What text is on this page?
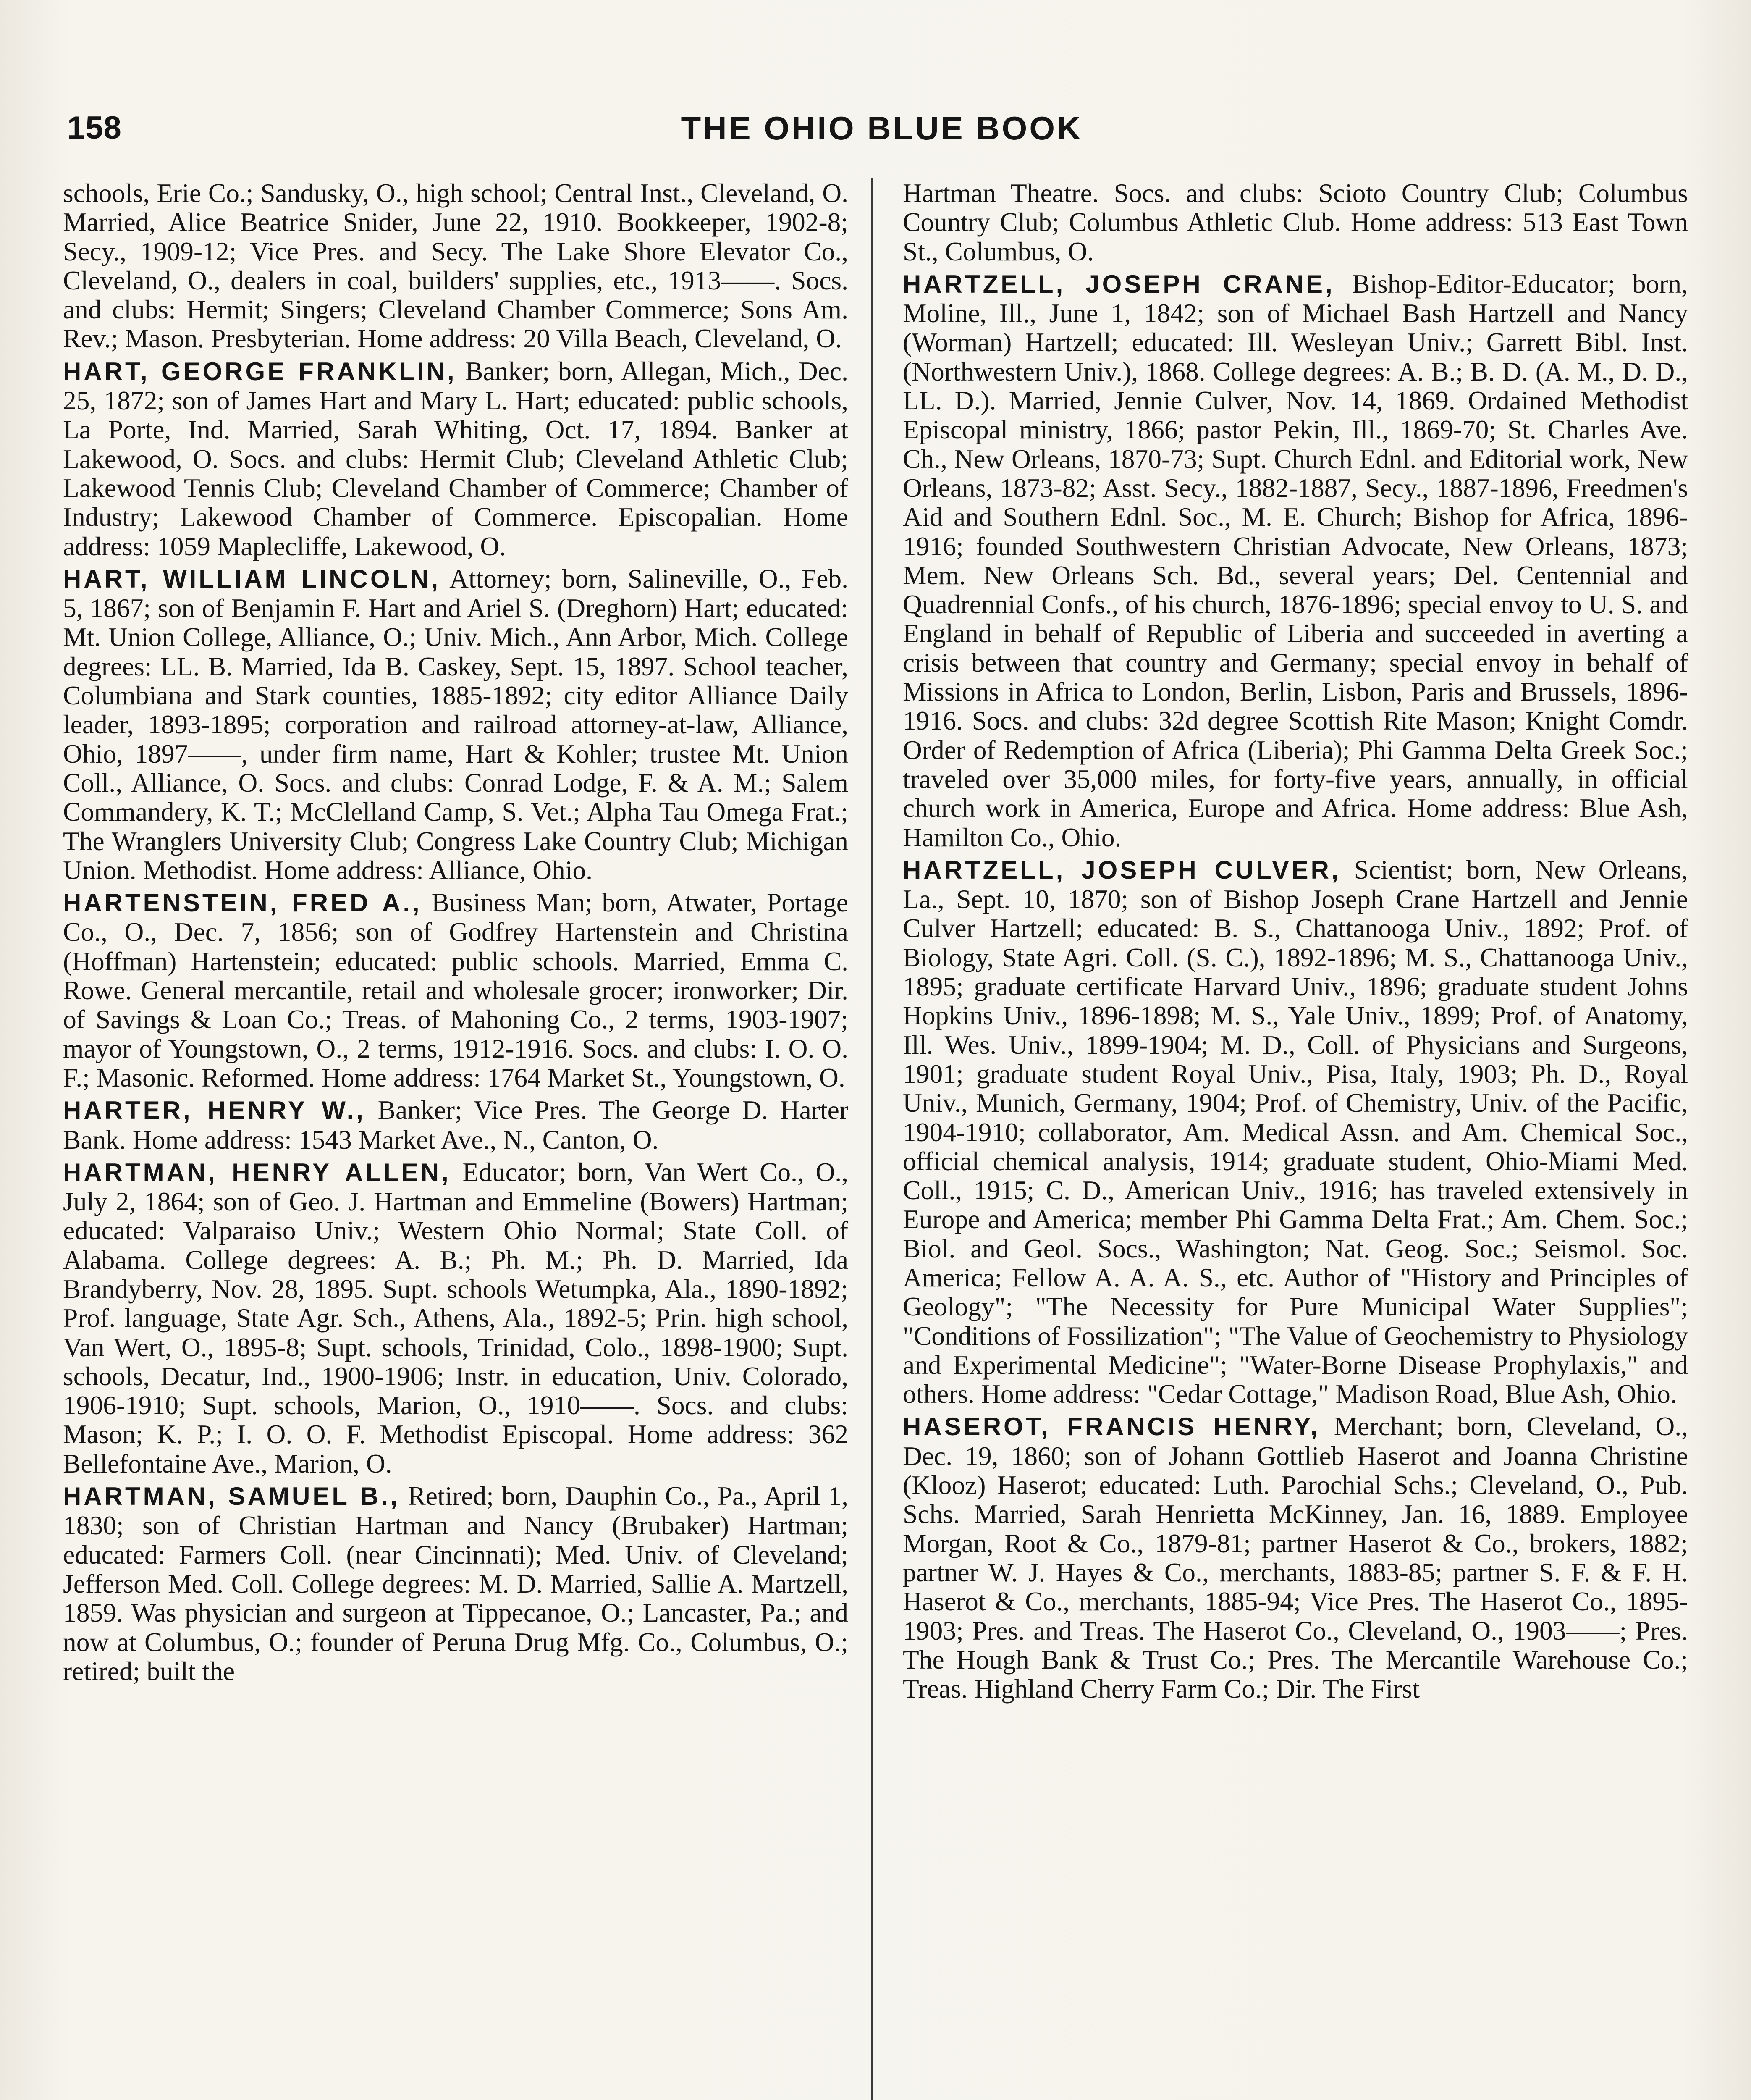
158	THE OHIO BLUE BOOK

schools, Erie Co.; Sandusky, O., high school; Central Inst., Cleveland, O. Married, Alice Beatrice Snider, June 22, 1910. Bookkeeper, 1902-8; Secy., 1909-12; Vice Pres. and Secy. The Lake Shore Elevator Co., Cleveland, O., dealers in coal, builders' supplies, etc., 1913——. Socs. and clubs: Hermit; Singers; Cleveland Chamber Commerce; Sons Am. Rev.; Mason. Presbyterian. Home address: 20 Villa Beach, Cleveland, O.

HART, GEORGE FRANKLIN, Banker; born, Allegan, Mich., Dec. 25, 1872; son of James Hart and Mary L. Hart; educated: public schools, La Porte, Ind. Married, Sarah Whiting, Oct. 17, 1894. Banker at Lakewood, O. Socs. and clubs: Hermit Club; Cleveland Athletic Club; Lakewood Tennis Club; Cleveland Chamber of Commerce; Chamber of Industry; Lakewood Chamber of Commerce. Episcopalian. Home address: 1059 Maplecliffe, Lakewood, O.

HART, WILLIAM LINCOLN, Attorney; born, Salineville, O., Feb. 5, 1867; son of Benjamin F. Hart and Ariel S. (Dreghorn) Hart; educated: Mt. Union College, Alliance, O.; Univ. Mich., Ann Arbor, Mich. College degrees: LL. B. Married, Ida B. Caskey, Sept. 15, 1897. School teacher, Columbiana and Stark counties, 1885-1892; city editor Alliance Daily leader, 1893-1895; corporation and railroad attorney-at-law, Alliance, Ohio, 1897——, under firm name, Hart & Kohler; trustee Mt. Union Coll., Alliance, O. Socs. and clubs: Conrad Lodge, F. & A. M.; Salem Commandery, K. T.; McClelland Camp, S. Vet.; Alpha Tau Omega Frat.; The Wranglers University Club; Congress Lake Country Club; Michigan Union. Methodist. Home address: Alliance, Ohio.

HARTENSTEIN, FRED A., Business Man; born, Atwater, Portage Co., O., Dec. 7, 1856; son of Godfrey Hartenstein and Christina (Hoffman) Hartenstein; educated: public schools. Married, Emma C. Rowe. General mercantile, retail and wholesale grocer; ironworker; Dir. of Savings & Loan Co.; Treas. of Mahoning Co., 2 terms, 1903-1907; mayor of Youngstown, O., 2 terms, 1912-1916. Socs. and clubs: I. O. O. F.; Masonic. Reformed. Home address: 1764 Market St., Youngstown, O.

HARTER, HENRY W., Banker; Vice Pres. The George D. Harter Bank. Home address: 1543 Market Ave., N., Canton, O.

HARTMAN, HENRY ALLEN, Educator; born, Van Wert Co., O., July 2, 1864; son of Geo. J. Hartman and Emmeline (Bowers) Hartman; educated: Valparaiso Univ.; Western Ohio Normal; State Coll. of Alabama. College degrees: A. B.; Ph. M.; Ph. D. Married, Ida Brandyberry, Nov. 28, 1895. Supt. schools Wetumpka, Ala., 1890-1892; Prof. language, State Agr. Sch., Athens, Ala., 1892-5; Prin. high school, Van Wert, O., 1895-8; Supt. schools, Trinidad, Colo., 1898-1900; Supt. schools, Decatur, Ind., 1900-1906; Instr. in education, Univ. Colorado, 1906-1910; Supt. schools, Marion, O., 1910——. Socs. and clubs: Mason; K. P.; I. O. O. F. Methodist Episcopal. Home address: 362 Bellefontaine Ave., Marion, O.

HARTMAN, SAMUEL B., Retired; born, Dauphin Co., Pa., April 1, 1830; son of Christian Hartman and Nancy (Brubaker) Hartman; educated: Farmers Coll. (near Cincinnati); Med. Univ. of Cleveland; Jefferson Med. Coll. College degrees: M. D. Married, Sallie A. Martzell, 1859. Was physician and surgeon at Tippecanoe, O.; Lancaster, Pa.; and now at Columbus, O.; founder of Peruna Drug Mfg. Co., Columbus, O.; retired; built the

Hartman Theatre. Socs. and clubs: Scioto Country Club; Columbus Country Club; Columbus Athletic Club. Home address: 513 East Town St., Columbus, O.

HARTZELL, JOSEPH CRANE, Bishop-Editor-Educator; born, Moline, Ill., June 1, 1842; son of Michael Bash Hartzell and Nancy (Worman) Hartzell; educated: Ill. Wesleyan Univ.; Garrett Bibl. Inst. (Northwestern Univ.), 1868. College degrees: A. B.; B. D. (A. M., D. D., LL. D.). Married, Jennie Culver, Nov. 14, 1869. Ordained Methodist Episcopal ministry, 1866; pastor Pekin, Ill., 1869-70; St. Charles Ave. Ch., New Orleans, 1870-73; Supt. Church Ednl. and Editorial work, New Orleans, 1873-82; Asst. Secy., 1882-1887, Secy., 1887-1896, Freedmen's Aid and Southern Ednl. Soc., M. E. Church; Bishop for Africa, 1896-1916; founded Southwestern Christian Advocate, New Orleans, 1873; Mem. New Orleans Sch. Bd., several years; Del. Centennial and Quadrennial Confs., of his church, 1876-1896; special envoy to U. S. and England in behalf of Republic of Liberia and succeeded in averting a crisis between that country and Germany; special envoy in behalf of Missions in Africa to London, Berlin, Lisbon, Paris and Brussels, 1896-1916. Socs. and clubs: 32d degree Scottish Rite Mason; Knight Comdr. Order of Redemption of Africa (Liberia); Phi Gamma Delta Greek Soc.; traveled over 35,000 miles, for forty-five years, annually, in official church work in America, Europe and Africa. Home address: Blue Ash, Hamilton Co., Ohio.

HARTZELL, JOSEPH CULVER, Scientist; born, New Orleans, La., Sept. 10, 1870; son of Bishop Joseph Crane Hartzell and Jennie Culver Hartzell; educated: B. S., Chattanooga Univ., 1892; Prof. of Biology, State Agri. Coll. (S. C.), 1892-1896; M. S., Chattanooga Univ., 1895; graduate certificate Harvard Univ., 1896; graduate student Johns Hopkins Univ., 1896-1898; M. S., Yale Univ., 1899; Prof. of Anatomy, Ill. Wes. Univ., 1899-1904; M. D., Coll. of Physicians and Surgeons, 1901; graduate student Royal Univ., Pisa, Italy, 1903; Ph. D., Royal Univ., Munich, Germany, 1904; Prof. of Chemistry, Univ. of the Pacific, 1904-1910; collaborator, Am. Medical Assn. and Am. Chemical Soc., official chemical analysis, 1914; graduate student, Ohio-Miami Med. Coll., 1915; C. D., American Univ., 1916; has traveled extensively in Europe and America; member Phi Gamma Delta Frat.; Am. Chem. Soc.; Biol. and Geol. Socs., Washington; Nat. Geog. Soc.; Seismol. Soc. America; Fellow A. A. A. S., etc. Author of "History and Principles of Geology"; "The Necessity for Pure Municipal Water Supplies"; "Conditions of Fossilization"; "The Value of Geochemistry to Physiology and Experimental Medicine"; "Water-Borne Disease Prophylaxis," and others. Home address: "Cedar Cottage," Madison Road, Blue Ash, Ohio.

HASEROT, FRANCIS HENRY, Merchant; born, Cleveland, O., Dec. 19, 1860; son of Johann Gottlieb Haserot and Joanna Christine (Klooz) Haserot; educated: Luth. Parochial Schs.; Cleveland, O., Pub. Schs. Married, Sarah Henrietta McKinney, Jan. 16, 1889. Employee Morgan, Root & Co., 1879-81; partner Haserot & Co., brokers, 1882; partner W. J. Hayes & Co., merchants, 1883-85; partner S. F. & F. H. Haserot & Co., merchants, 1885-94; Vice Pres. The Haserot Co., 1895-1903; Pres. and Treas. The Haserot Co., Cleveland, O., 1903——; Pres. The Hough Bank & Trust Co.; Pres. The Mercantile Warehouse Co.; Treas. Highland Cherry Farm Co.; Dir. The First
